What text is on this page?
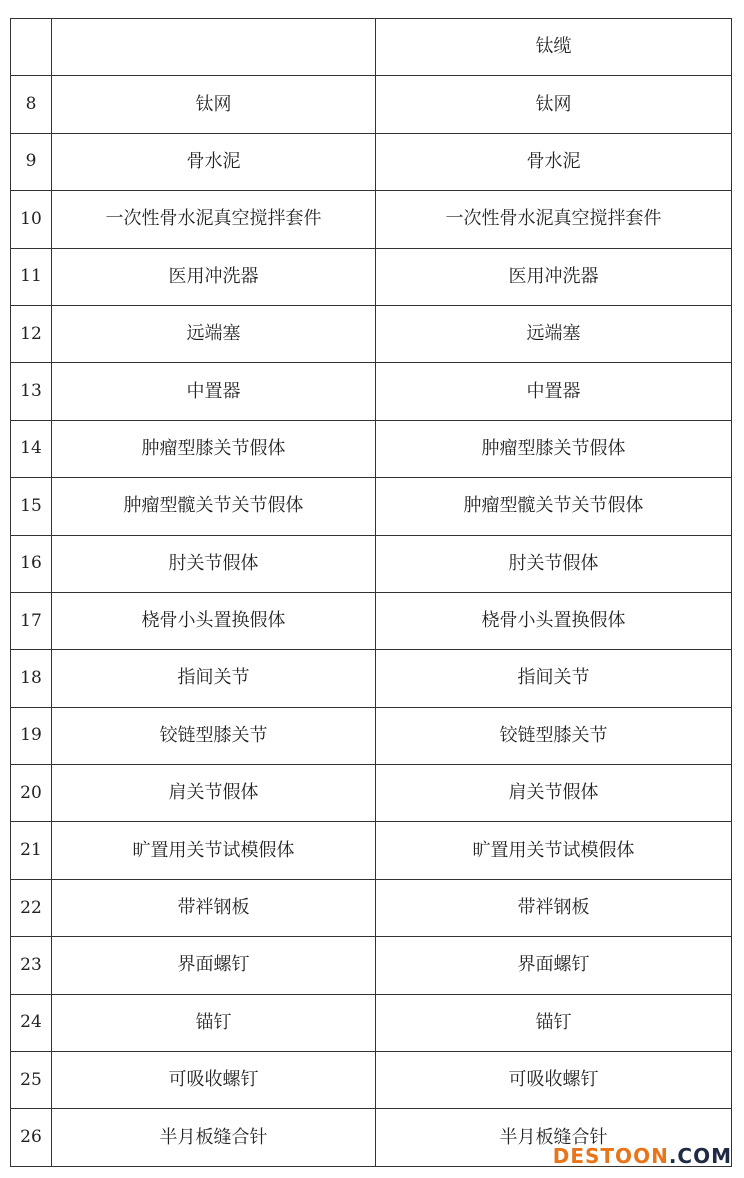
		钛缆
8	钛网	钛网
9	骨水泥	骨水泥
10	一次性骨水泥真空搅拌套件	一次性骨水泥真空搅拌套件
11	医用冲洗器	医用冲洗器
12	远端塞	远端塞
13	中置器	中置器
14	肿瘤型膝关节假体	肿瘤型膝关节假体
15	肿瘤型髋关节关节假体	肿瘤型髋关节关节假体
16	肘关节假体	肘关节假体
17	桡骨小头置换假体	桡骨小头置换假体
18	指间关节	指间关节
19	铰链型膝关节	铰链型膝关节
20	肩关节假体	肩关节假体
21	旷置用关节试模假体	旷置用关节试模假体
22	带袢钢板	带袢钢板
23	界面螺钉	界面螺钉
24	锚钉	锚钉
25	可吸收螺钉	可吸收螺钉
26	半月板缝合针	半月板缝合针
DESTOON.COM
